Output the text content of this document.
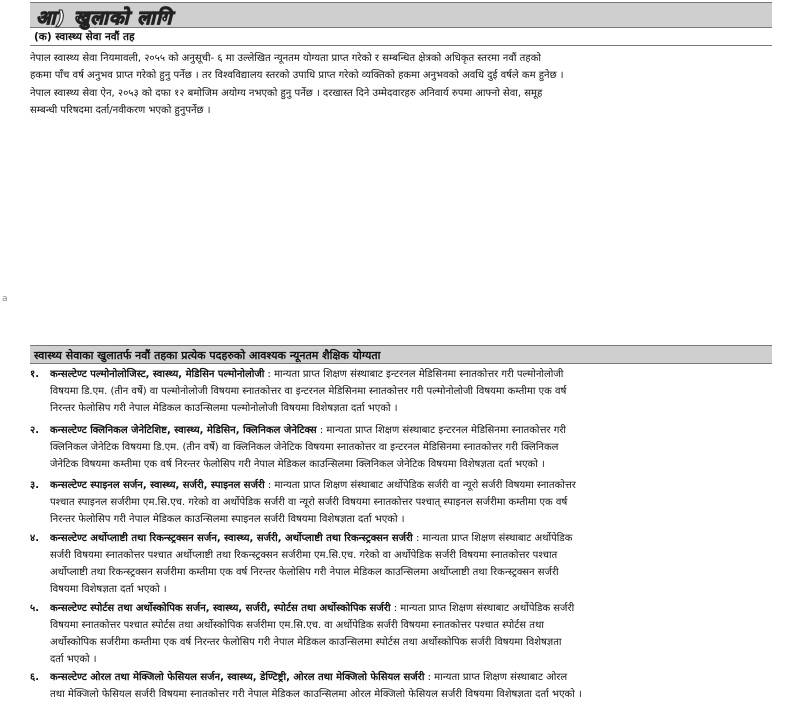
आ) खुलाको लागि
(क) स्वास्थ्य सेवा नवौं तह
नेपाल स्वास्थ्य सेवा नियमावली, २०५५ को अनुसूची- ६ मा उल्लेखित न्यूनतम योग्यता प्राप्त गरेको र सम्बन्धित क्षेत्रको अधिकृत स्तरमा नवौं तहको
हकमा पाँच वर्ष अनुभव प्राप्त गरेको हुनु पर्नेछ । तर विश्वविद्यालय स्तरको उपाधि प्राप्त गरेको व्यक्तिको हकमा अनुभवको अवधि दुई वर्षले कम हुनेछ ।
नेपाल स्वास्थ्य सेवा ऐन, २०५३ को दफा १२ बमोजिम अयोग्य नभएको हुनु पर्नेछ । दरखास्त दिने उम्मेदवारहरु अनिवार्य रुपमा आफ्नो सेवा, समूह
सम्बन्धी परिषदमा दर्ता/नवीकरण भएको हुनुपर्नेछ ।
a
स्वास्थ्य सेवाका खुलातर्फ नवौं तहका प्रत्येक पदहरुको आवश्यक न्यूनतम शैक्षिक योग्यता
१.	कन्सल्टेण्ट पल्मोनोलोजिस्ट, स्वास्थ्य, मेडिसिन पल्मोनोलोजी : मान्यता प्राप्त शिक्षण संस्थाबाट इन्टरनल मेडिसिनमा स्नातकोत्तर गरी पल्मोनोलोजी
विषयमा डि.एम. (तीन वर्षे) वा पल्मोनोलोजी विषयमा स्नातकोत्तर वा इन्टरनल मेडिसिनमा स्नातकोत्तर गरी पल्मोनोलोजी विषयमा कम्तीमा एक वर्ष
निरन्तर फेलोसिप गरी नेपाल मेडिकल काउन्सिलमा पल्मोनोलोजी विषयमा विशेषज्ञता दर्ता भएको ।
२.	कन्सल्टेण्ट क्लिनिकल जेनेटिशिष्ट, स्वास्थ्य, मेडिसिन, क्लिनिकल जेनेटिक्स : मान्यता प्राप्त शिक्षण संस्थाबाट इन्टरनल मेडिसिनमा स्नातकोत्तर गरी
क्लिनिकल जेनेटिक विषयमा डि.एम. (तीन वर्षे) वा क्लिनिकल जेनेटिक विषयमा स्नातकोत्तर वा इन्टरनल मेडिसिनमा स्नातकोत्तर गरी क्लिनिकल
जेनेटिक विषयमा कम्तीमा एक वर्ष निरन्तर फेलोसिप गरी नेपाल मेडिकल काउन्सिलमा क्लिनिकल जेनेटिक विषयमा विशेषज्ञता दर्ता भएको ।
३.	कन्सल्टेण्ट स्पाइनल सर्जन, स्वास्थ्य, सर्जरी, स्पाइनल सर्जरी : मान्यता प्राप्त शिक्षण संस्थाबाट अर्थोपेडिक सर्जरी वा न्यूरो सर्जरी विषयमा स्नातकोत्तर
पश्चात स्पाइनल सर्जरीमा एम.सि.एच. गरेको वा अर्थोपेडिक सर्जरी वा न्यूरो सर्जरी विषयमा स्नातकोत्तर पश्चात् स्पाइनल सर्जरीमा कम्तीमा एक वर्ष
निरन्तर फेलोसिप गरी नेपाल मेडिकल काउन्सिलमा स्पाइनल सर्जरी विषयमा विशेषज्ञता दर्ता भएको ।
४.	कन्सल्टेण्ट अर्थोप्लाष्टी तथा रिकन्स्ट्रक्सन सर्जन, स्वास्थ्य, सर्जरी, अर्थोप्लाष्टी तथा रिकन्स्ट्रक्सन सर्जरी : मान्यता प्राप्त शिक्षण संस्थाबाट अर्थोपेडिक
सर्जरी विषयमा स्नातकोत्तर पश्चात अर्थोप्लाष्टी तथा रिकन्स्ट्रक्सन सर्जरीमा एम.सि.एच. गरेको वा अर्थोपेडिक सर्जरी विषयमा स्नातकोत्तर पश्चात
अर्थोप्लाष्टी तथा रिकन्स्ट्रक्सन सर्जरीमा कम्तीमा एक वर्ष निरन्तर फेलोसिप गरी नेपाल मेडिकल काउन्सिलमा अर्थोप्लाष्टी तथा रिकन्स्ट्रक्सन सर्जरी
विषयमा विशेषज्ञता दर्ता भएको ।
५.	कन्सल्टेण्ट स्पोर्टस तथा अर्थोस्कोपिक सर्जन, स्वास्थ्य, सर्जरी, स्पोर्टस तथा अर्थोस्कोपिक सर्जरी : मान्यता प्राप्त शिक्षण संस्थाबाट अर्थोपेडिक सर्जरी
विषयमा स्नातकोत्तर पश्चात स्पोर्टस तथा अर्थोस्कोपिक सर्जरीमा एम.सि.एच. वा अर्थोपेडिक सर्जरी विषयमा स्नातकोत्तर पश्चात स्पोर्टस तथा
अर्थोस्कोपिक सर्जरीमा कम्तीमा एक वर्ष निरन्तर फेलोसिप गरी नेपाल मेडिकल काउन्सिलमा स्पोर्टस तथा अर्थोस्कोपिक सर्जरी विषयमा विशेषज्ञता
दर्ता भएको ।
६.	कन्सल्टेण्ट ओरल तथा मेक्जिलो फेसियल सर्जन, स्वास्थ्य, डेण्टिष्ट्री, ओरल तथा मेक्जिलो फेसियल सर्जरी : मान्यता प्राप्त शिक्षण संस्थाबाट ओरल
तथा मेक्जिलो फेसियल सर्जरी विषयमा स्नातकोत्तर गरी नेपाल मेडिकल काउन्सिलमा ओरल मेक्जिलो फेसियल सर्जरी विषयमा विशेषज्ञता दर्ता भएको ।
